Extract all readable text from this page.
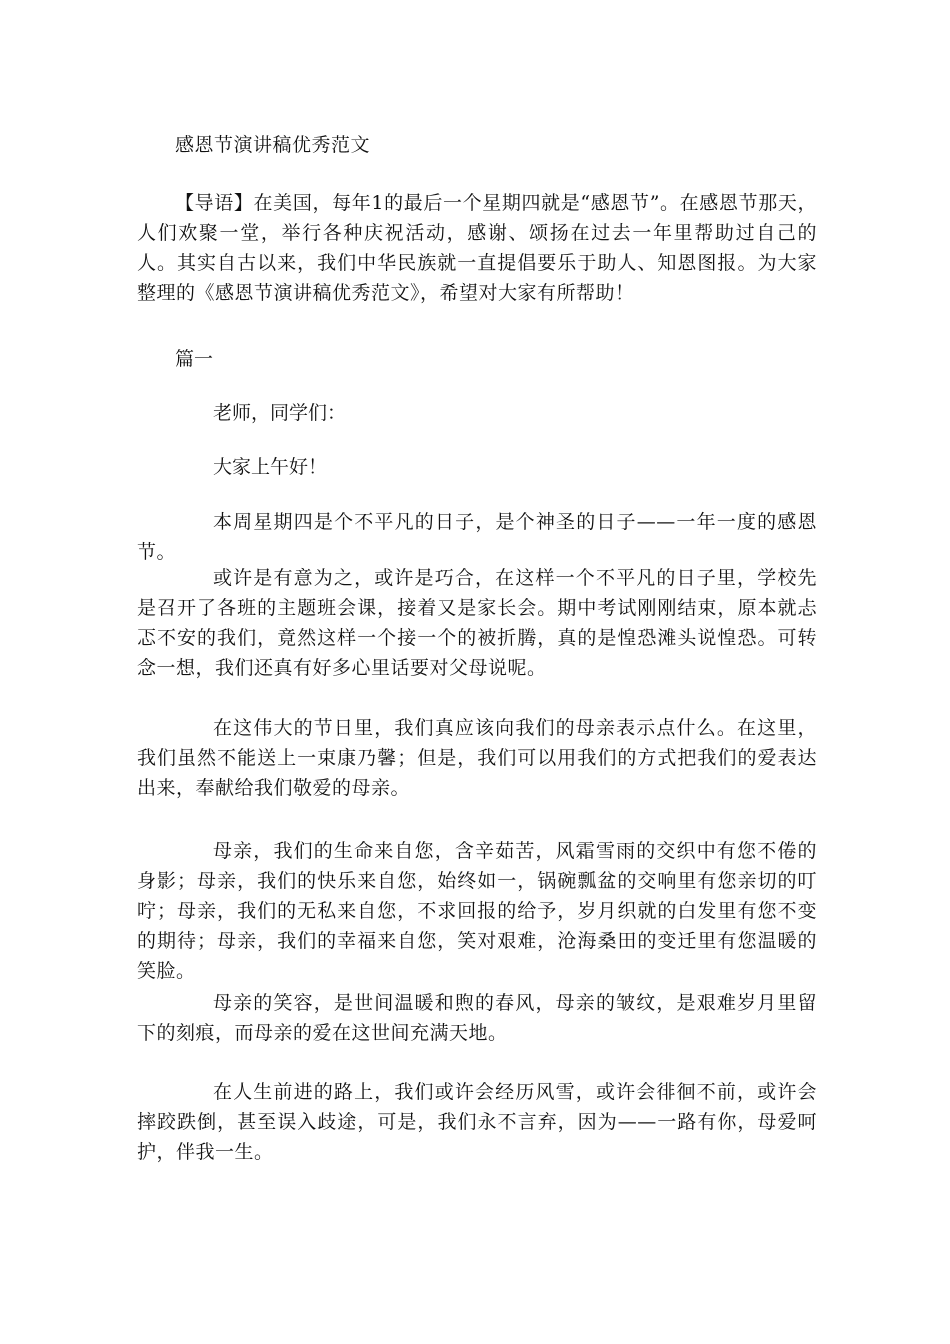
感恩节演讲稿优秀范文
【导语】在美国，每年1的最后一个星期四就是“感恩节”。在感恩节那天，人们欢聚一堂，举行各种庆祝活动，感谢、颂扬在过去一年里帮助过自己的人。其实自古以来，我们中华民族就一直提倡要乐于助人、知恩图报。为大家整理的《感恩节演讲稿优秀范文》，希望对大家有所帮助！
篇一
老师，同学们：
大家上午好！
本周星期四是个不平凡的日子，是个神圣的日子——一年一度的感恩节。
或许是有意为之，或许是巧合，在这样一个不平凡的日子里，学校先是召开了各班的主题班会课，接着又是家长会。期中考试刚刚结束，原本就忐忑不安的我们，竟然这样一个接一个的被折腾，真的是惶恐滩头说惶恐。可转念一想，我们还真有好多心里话要对父母说呢。
在这伟大的节日里，我们真应该向我们的母亲表示点什么。在这里，我们虽然不能送上一束康乃馨；但是，我们可以用我们的方式把我们的爱表达出来，奉献给我们敬爱的母亲。
母亲，我们的生命来自您，含辛茹苦，风霜雪雨的交织中有您不倦的身影；母亲，我们的快乐来自您，始终如一，锅碗瓢盆的交响里有您亲切的叮咛；母亲，我们的无私来自您，不求回报的给予，岁月织就的白发里有您不变的期待；母亲，我们的幸福来自您，笑对艰难，沧海桑田的变迁里有您温暖的笑脸。
母亲的笑容，是世间温暖和煦的春风，母亲的皱纹，是艰难岁月里留下的刻痕，而母亲的爱在这世间充满天地。
在人生前进的路上，我们或许会经历风雪，或许会徘徊不前，或许会摔跤跌倒，甚至误入歧途，可是，我们永不言弃，因为——一路有你，母爱呵护，伴我一生。
